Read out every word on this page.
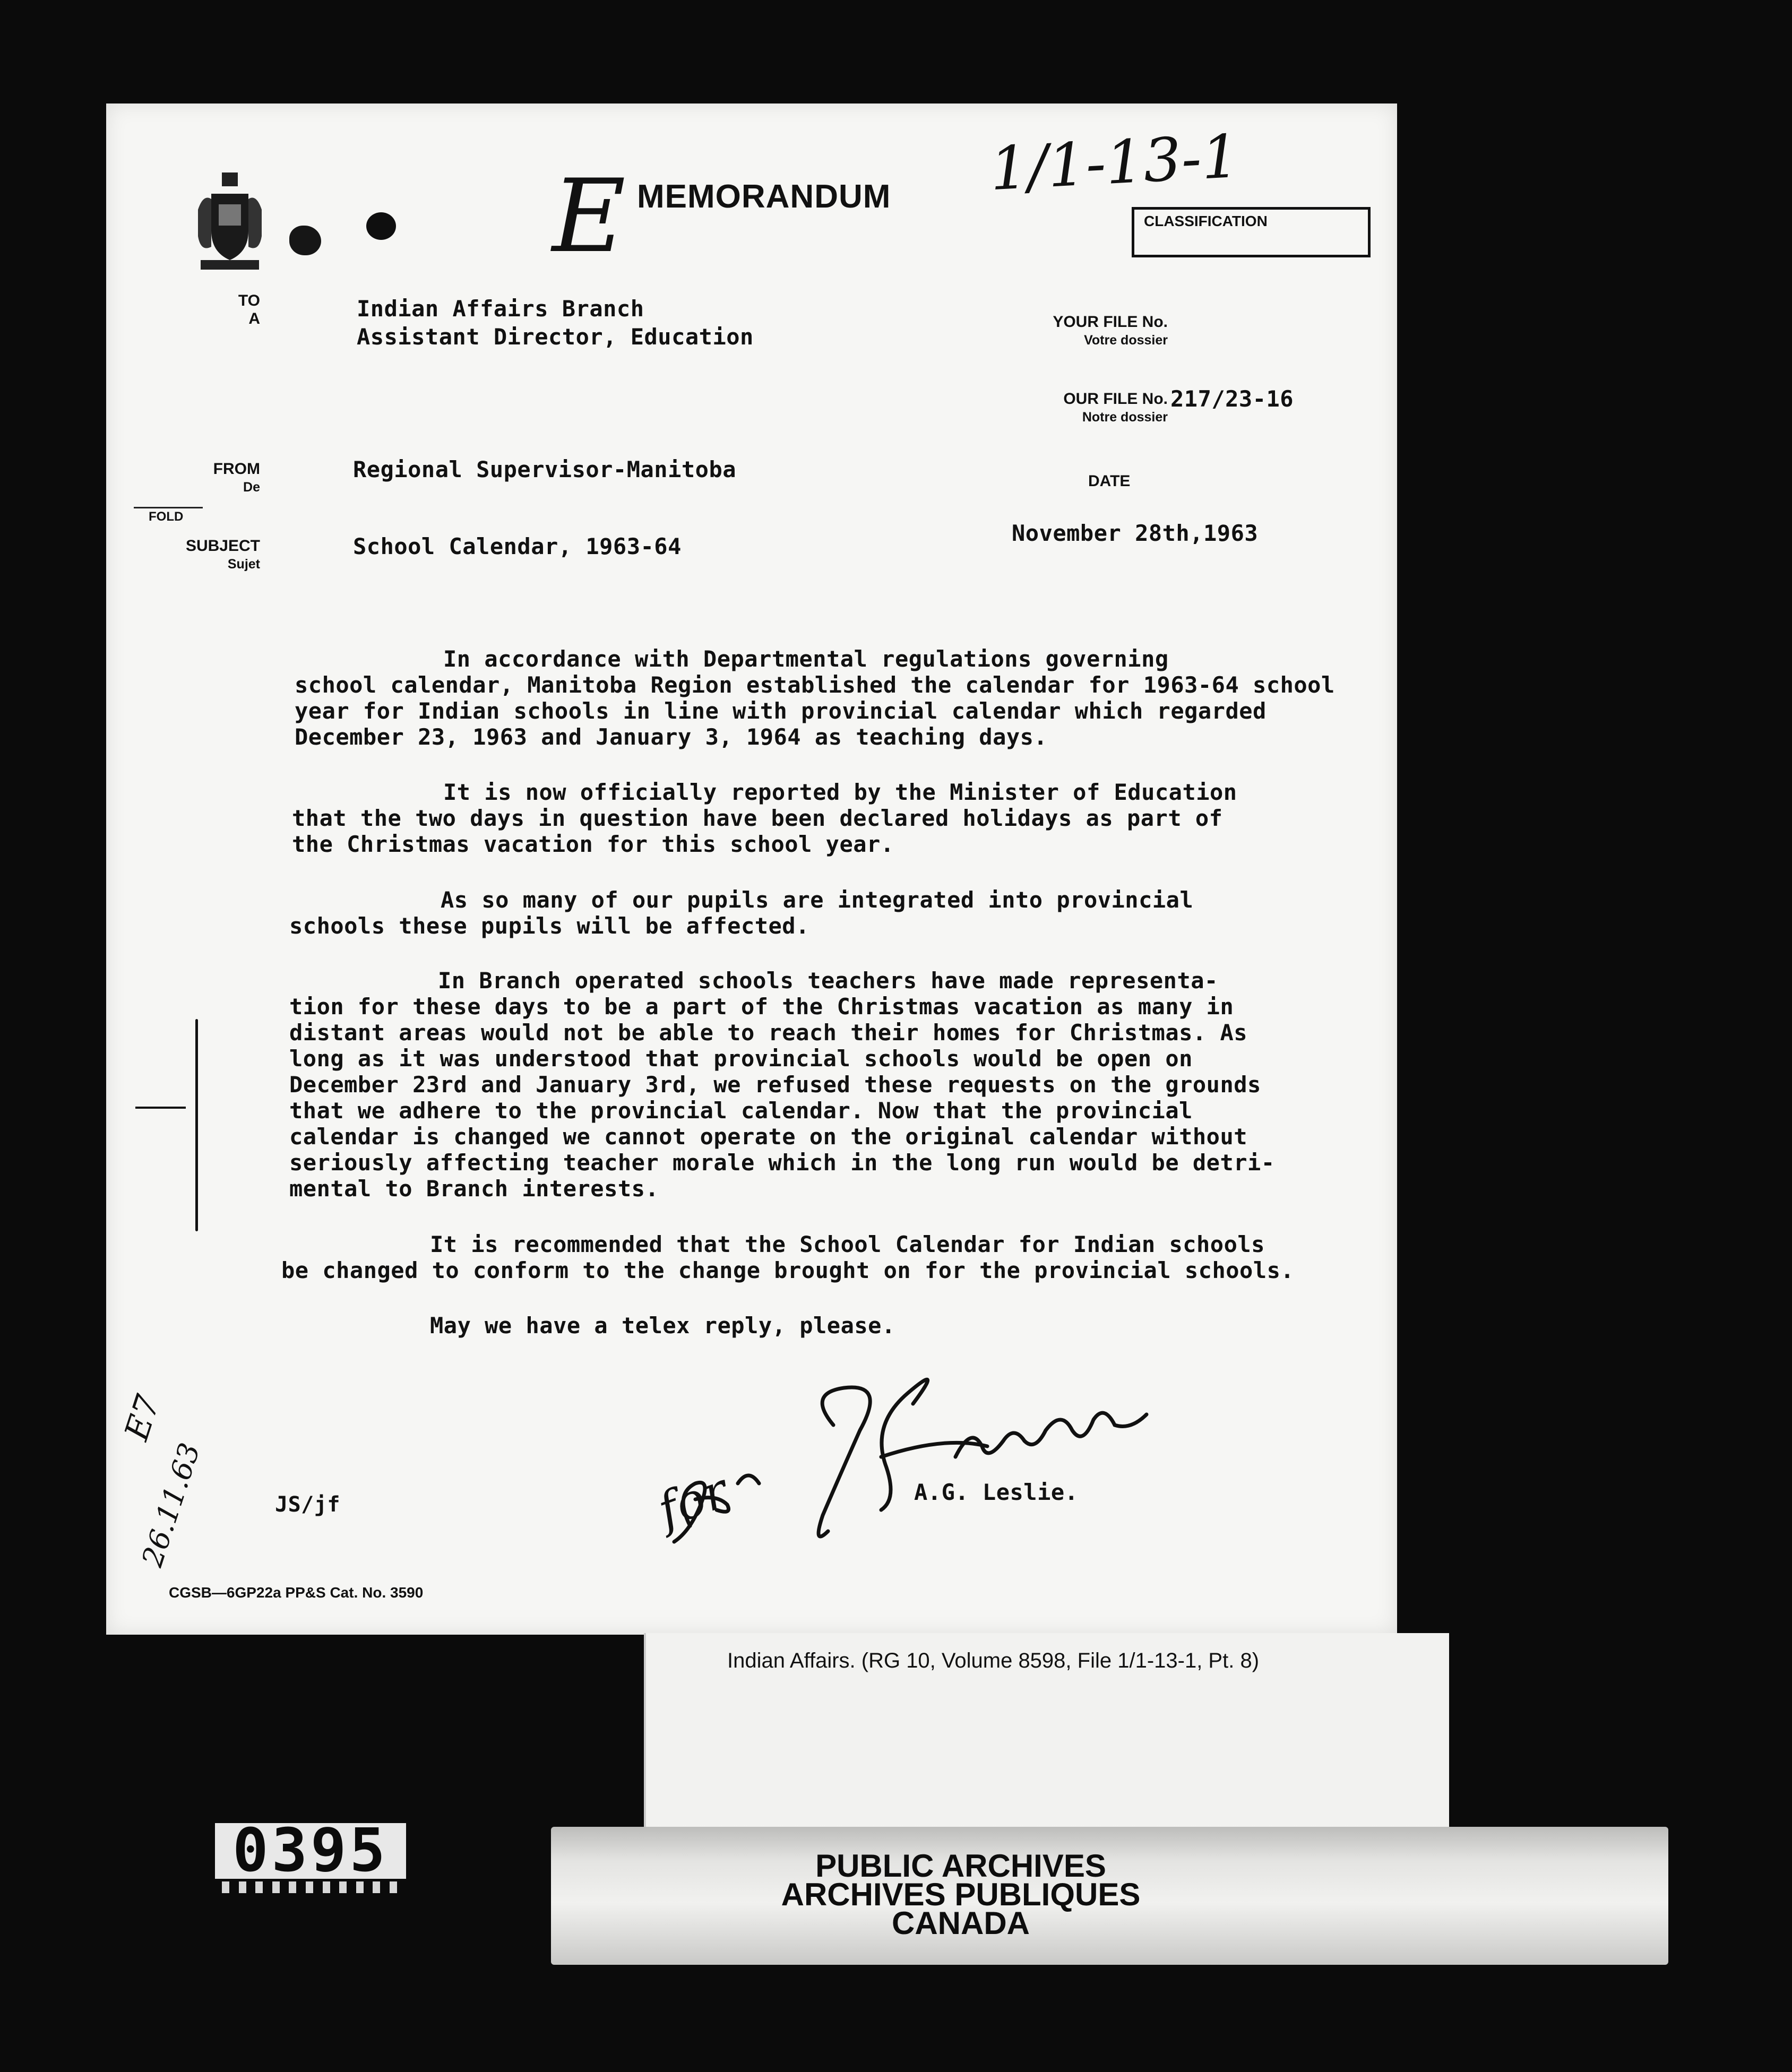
MEMORANDUM
E	1/1-13-1
CLASSIFICATION
TO
A	Indian Affairs Branch
Assistant Director, Education
YOUR FILE No.
Votre dossier
OUR FILE No.
Notre dossier
217/23-16
FROM
De
Regional Supervisor-Manitoba	DATE
November 28th,1963
FOLD
SUBJECT
Sujet
School Calendar, 1963-64
In accordance with Departmental regulations governing
school calendar, Manitoba Region established the calendar for 1963-64 school
year for Indian schools in line with provincial calendar which regarded
December 23, 1963 and January 3, 1964 as teaching days.
It is now officially reported by the Minister of Education
that the two days in question have been declared holidays as part of
the Christmas vacation for this school year.
As so many of our pupils are integrated into provincial
schools these pupils will be affected.
In Branch operated schools teachers have made representa-
tion for these days to be a part of the Christmas vacation as many in
distant areas would not be able to reach their homes for Christmas. As
long as it was understood that provincial schools would be open on
December 23rd and January 3rd, we refused these requests on the grounds
that we adhere to the provincial calendar. Now that the provincial
calendar is changed we cannot operate on the original calendar without
seriously affecting teacher morale which in the long run would be detri-
mental to Branch interests.
It is recommended that the School Calendar for Indian schools
be changed to conform to the change brought on for the provincial schools.
May we have a telex reply, please.
for	A.G. Leslie.
JS/jf
E7
26.11.63
CGSB—6GP22a PP&S Cat. No. 3590
Indian Affairs. (RG 10, Volume 8598, File 1/1-13-1, Pt. 8)
PUBLIC ARCHIVES
ARCHIVES PUBLIQUES
CANADA
0395
